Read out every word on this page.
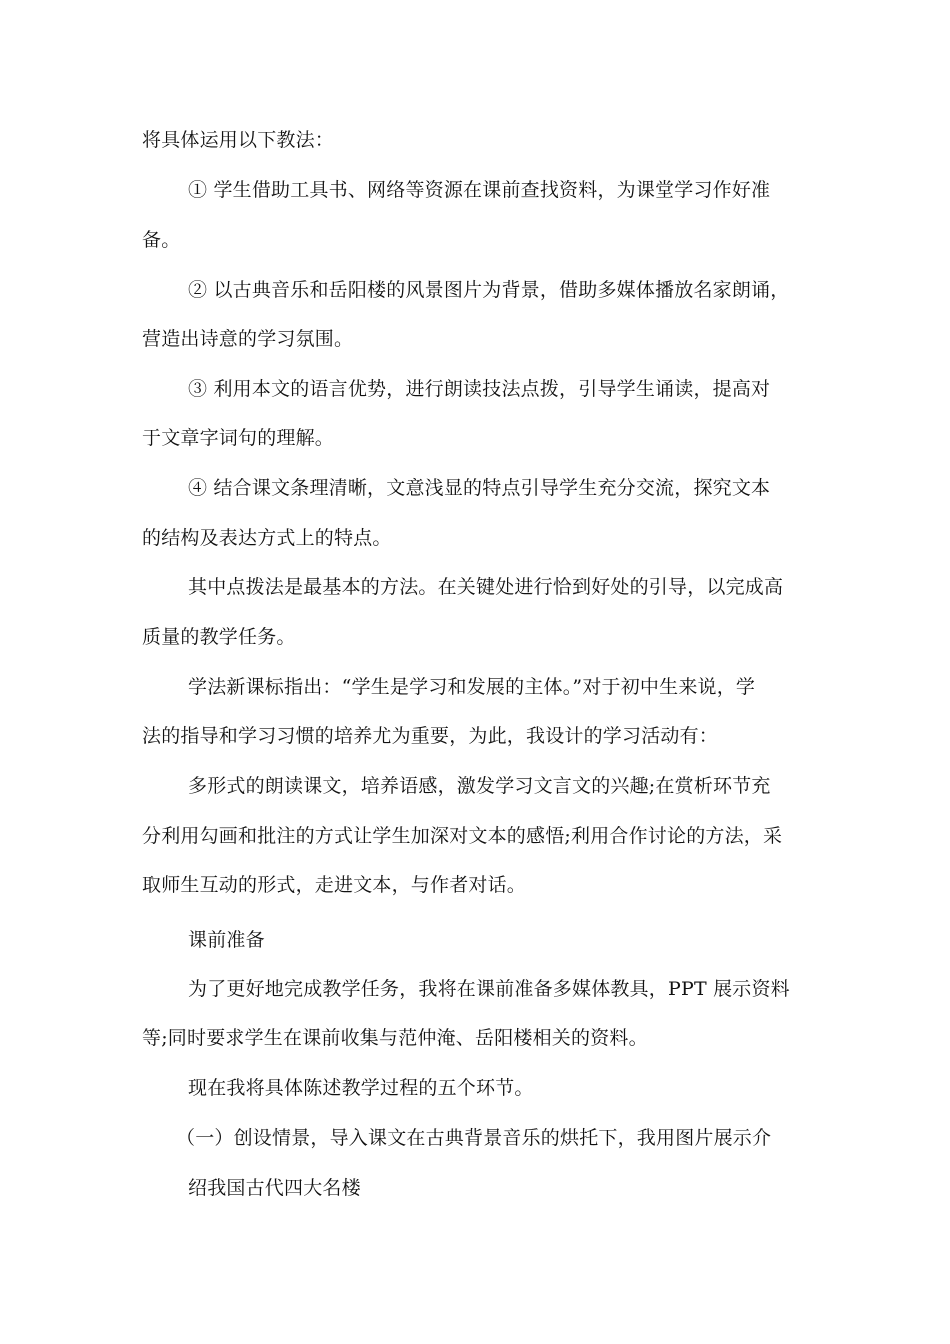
将具体运用以下教法：
① 学生借助工具书、网络等资源在课前查找资料，为课堂学习作好准
备。
② 以古典音乐和岳阳楼的风景图片为背景，借助多媒体播放名家朗诵，
营造出诗意的学习氛围。
③ 利用本文的语言优势，进行朗读技法点拨，引导学生诵读，提高对
于文章字词句的理解。
④ 结合课文条理清晰，文意浅显的特点引导学生充分交流，探究文本
的结构及表达方式上的特点。
其中点拨法是最基本的方法。在关键处进行恰到好处的引导，以完成高
质量的教学任务。
学法新课标指出：“学生是学习和发展的主体。”对于初中生来说，学
法的指导和学习习惯的培养尤为重要，为此，我设计的学习活动有：
多形式的朗读课文，培养语感，激发学习文言文的兴趣;在赏析环节充
分利用勾画和批注的方式让学生加深对文本的感悟;利用合作讨论的方法，采
取师生互动的形式，走进文本，与作者对话。
课前准备
为了更好地完成教学任务，我将在课前准备多媒体教具，PPT 展示资料
等;同时要求学生在课前收集与范仲淹、岳阳楼相关的资料。
现在我将具体陈述教学过程的五个环节。
（一）创设情景，导入课文在古典背景音乐的烘托下，我用图片展示介
绍我国古代四大名楼
